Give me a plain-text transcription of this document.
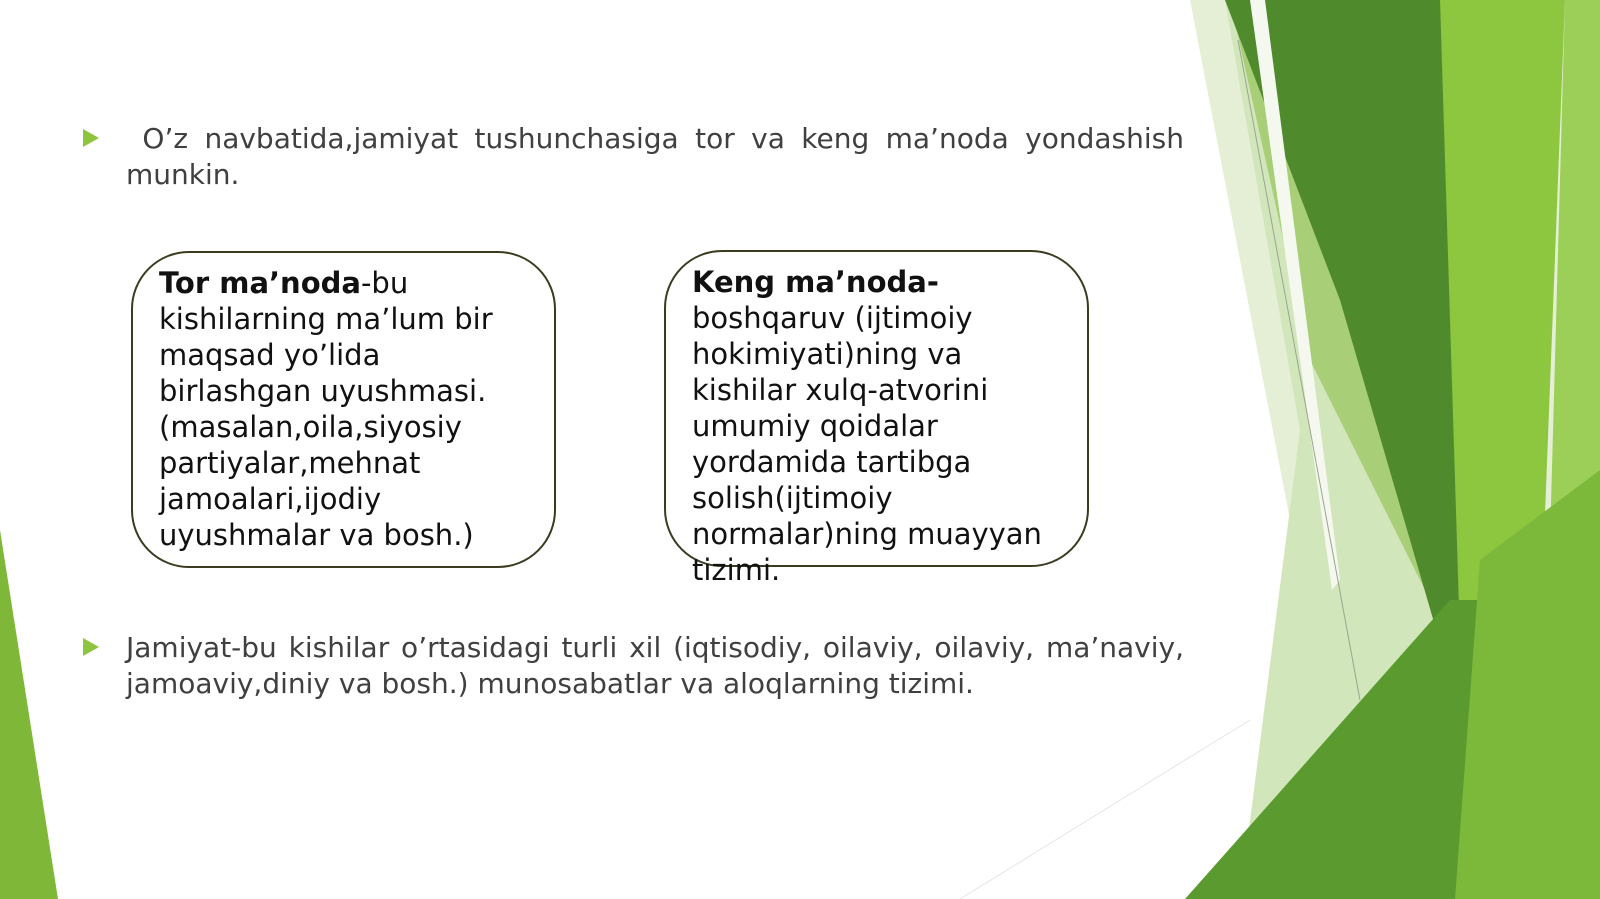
O’z navbatida,jamiyat tushunchasiga tor va keng ma’noda yondashish munkin.
Tor ma’noda-bu kishilarning ma’lum bir maqsad yo’lida birlashgan uyushmasi.(masalan,oila,siyosiy partiyalar,mehnat jamoalari,ijodiy uyushmalar va bosh.)
Keng ma’noda- boshqaruv (ijtimoiy hokimiyati)ning va kishilar xulq-atvorini umumiy qoidalar yordamida tartibga solish(ijtimoiy normalar)ning muayyan tizimi.
Jamiyat-bu kishilar o’rtasidagi turli xil (iqtisodiy, oilaviy, oilaviy, ma’naviy, jamoaviy,diniy va bosh.) munosabatlar va aloqlarning tizimi.
